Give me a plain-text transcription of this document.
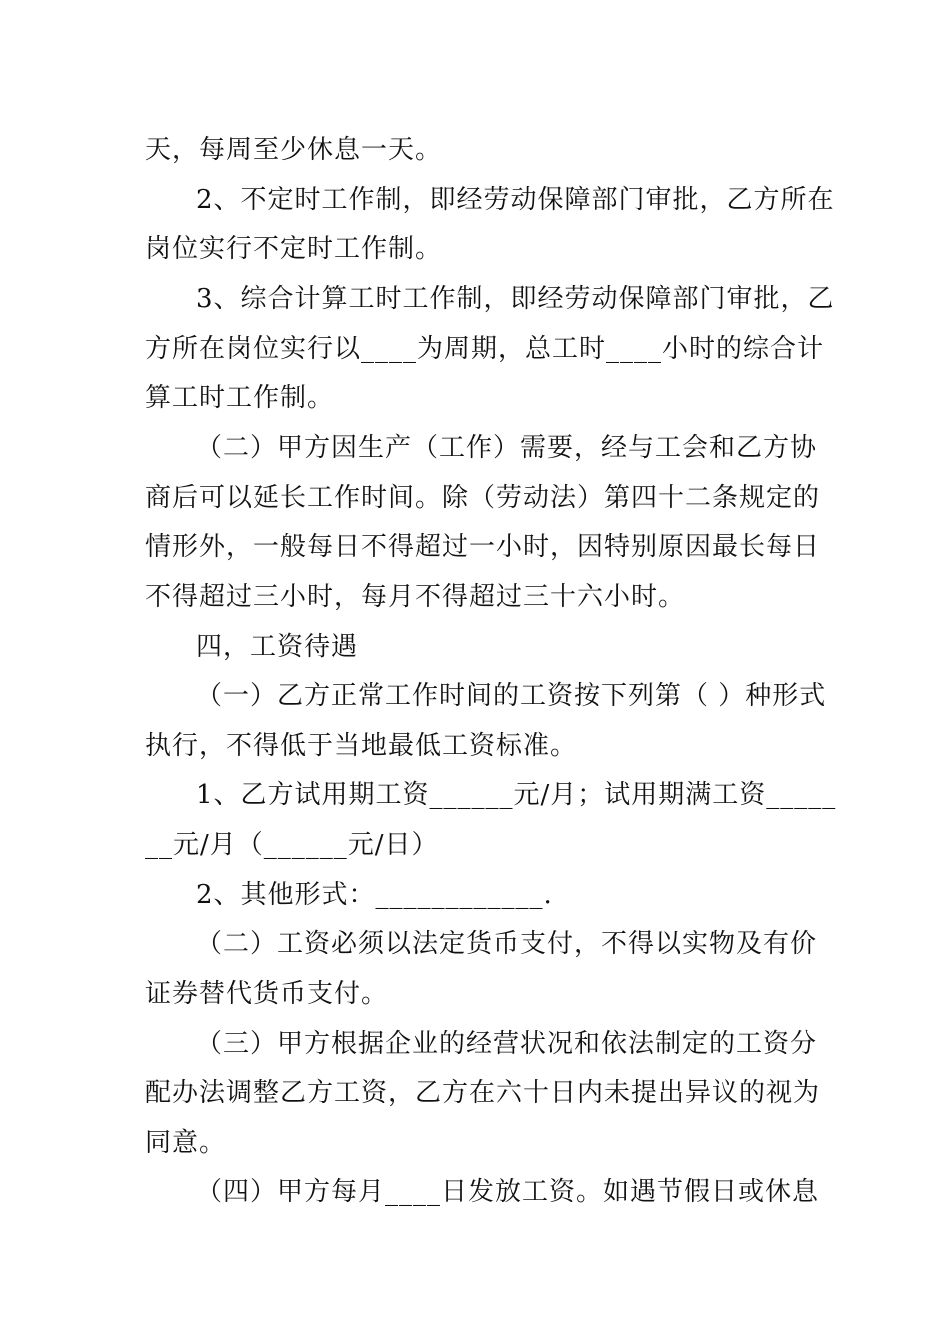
天，每周至少休息一天。
2、不定时工作制，即经劳动保障部门审批，乙方所在
岗位实行不定时工作制。
3、综合计算工时工作制，即经劳动保障部门审批，乙
方所在岗位实行以____为周期，总工时____小时的综合计
算工时工作制。
（二）甲方因生产（工作）需要，经与工会和乙方协
商后可以延长工作时间。除（劳动法）第四十二条规定的
情形外，一般每日不得超过一小时，因特别原因最长每日
不得超过三小时，每月不得超过三十六小时。
四，工资待遇
（一）乙方正常工作时间的工资按下列第（ ）种形式
执行，不得低于当地最低工资标准。
1、乙方试用期工资______元/月；试用期满工资_____
__元/月（______元/日）
2、其他形式：____________.
（二）工资必须以法定货币支付，不得以实物及有价
证券替代货币支付。
（三）甲方根据企业的经营状况和依法制定的工资分
配办法调整乙方工资，乙方在六十日内未提出异议的视为
同意。
（四）甲方每月____日发放工资。如遇节假日或休息
